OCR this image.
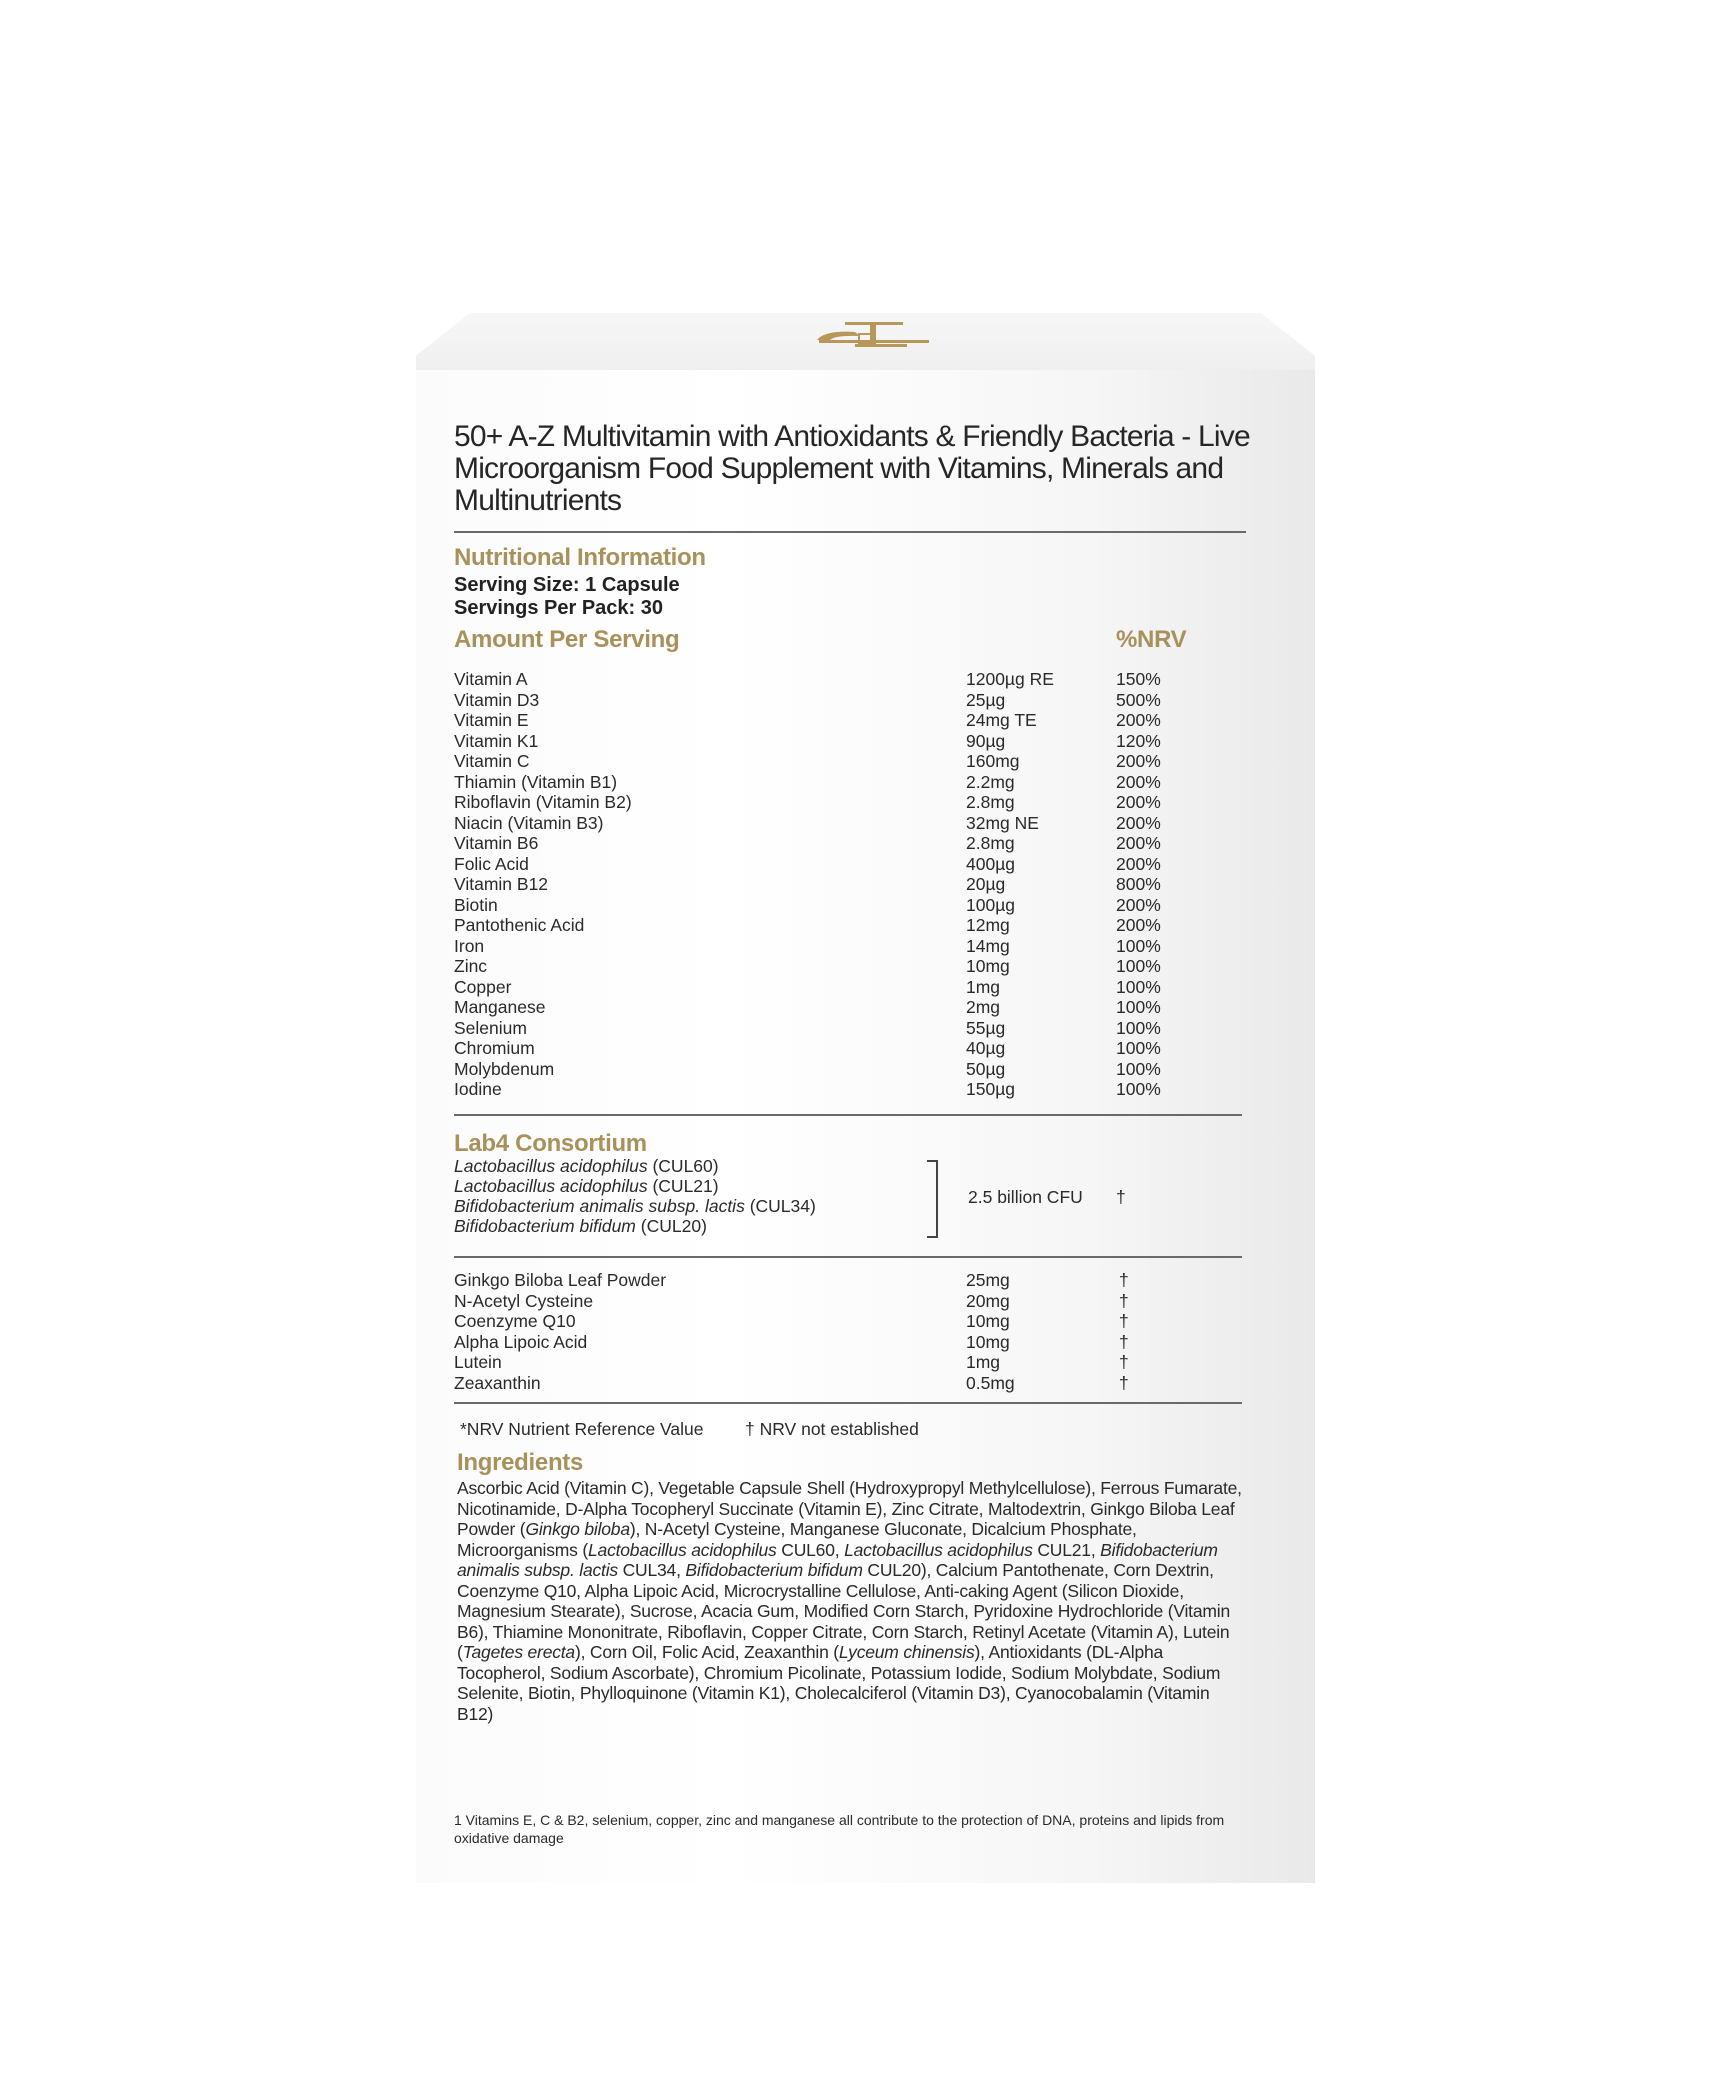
50+ A-Z Multivitamin with Antioxidants & Friendly Bacteria - Live Microorganism Food Supplement with Vitamins, Minerals and Multinutrients
Nutritional Information
Serving Size: 1 Capsule
Servings Per Pack: 30
Amount Per Serving	%NRV
Vitamin A	1200µg RE	150%
Vitamin D3	25µg	500%
Vitamin E	24mg TE	200%
Vitamin K1	90µg	120%
Vitamin C	160mg	200%
Thiamin (Vitamin B1)	2.2mg	200%
Riboflavin (Vitamin B2)	2.8mg	200%
Niacin (Vitamin B3)	32mg NE	200%
Vitamin B6	2.8mg	200%
Folic Acid	400µg	200%
Vitamin B12	20µg	800%
Biotin	100µg	200%
Pantothenic Acid	12mg	200%
Iron	14mg	100%
Zinc	10mg	100%
Copper	1mg	100%
Manganese	2mg	100%
Selenium	55µg	100%
Chromium	40µg	100%
Molybdenum	50µg	100%
Iodine	150µg	100%
Lab4 Consortium
Lactobacillus acidophilus (CUL60)
Lactobacillus acidophilus (CUL21)
Bifidobacterium animalis subsp. lactis (CUL34)
Bifidobacterium bifidum (CUL20)
2.5 billion CFU †
Ginkgo Biloba Leaf Powder	25mg	†
N-Acetyl Cysteine	20mg	†
Coenzyme Q10	10mg	†
Alpha Lipoic Acid	10mg	†
Lutein	1mg	†
Zeaxanthin	0.5mg	†
*NRV Nutrient Reference Value † NRV not established
Ingredients
Ascorbic Acid (Vitamin C), Vegetable Capsule Shell (Hydroxypropyl Methylcellulose), Ferrous Fumarate, Nicotinamide, D-Alpha Tocopheryl Succinate (Vitamin E), Zinc Citrate, Maltodextrin, Ginkgo Biloba Leaf Powder (Ginkgo biloba), N-Acetyl Cysteine, Manganese Gluconate, Dicalcium Phosphate, Microorganisms (Lactobacillus acidophilus CUL60, Lactobacillus acidophilus CUL21, Bifidobacterium animalis subsp. lactis CUL34, Bifidobacterium bifidum CUL20), Calcium Pantothenate, Corn Dextrin, Coenzyme Q10, Alpha Lipoic Acid, Microcrystalline Cellulose, Anti-caking Agent (Silicon Dioxide, Magnesium Stearate), Sucrose, Acacia Gum, Modified Corn Starch, Pyridoxine Hydrochloride (Vitamin B6), Thiamine Mononitrate, Riboflavin, Copper Citrate, Corn Starch, Retinyl Acetate (Vitamin A), Lutein (Tagetes erecta), Corn Oil, Folic Acid, Zeaxanthin (Lyceum chinensis), Antioxidants (DL-Alpha Tocopherol, Sodium Ascorbate), Chromium Picolinate, Potassium Iodide, Sodium Molybdate, Sodium Selenite, Biotin, Phylloquinone (Vitamin K1), Cholecalciferol (Vitamin D3), Cyanocobalamin (Vitamin B12)
1 Vitamins E, C & B2, selenium, copper, zinc and manganese all contribute to the protection of DNA, proteins and lipids from oxidative damage
